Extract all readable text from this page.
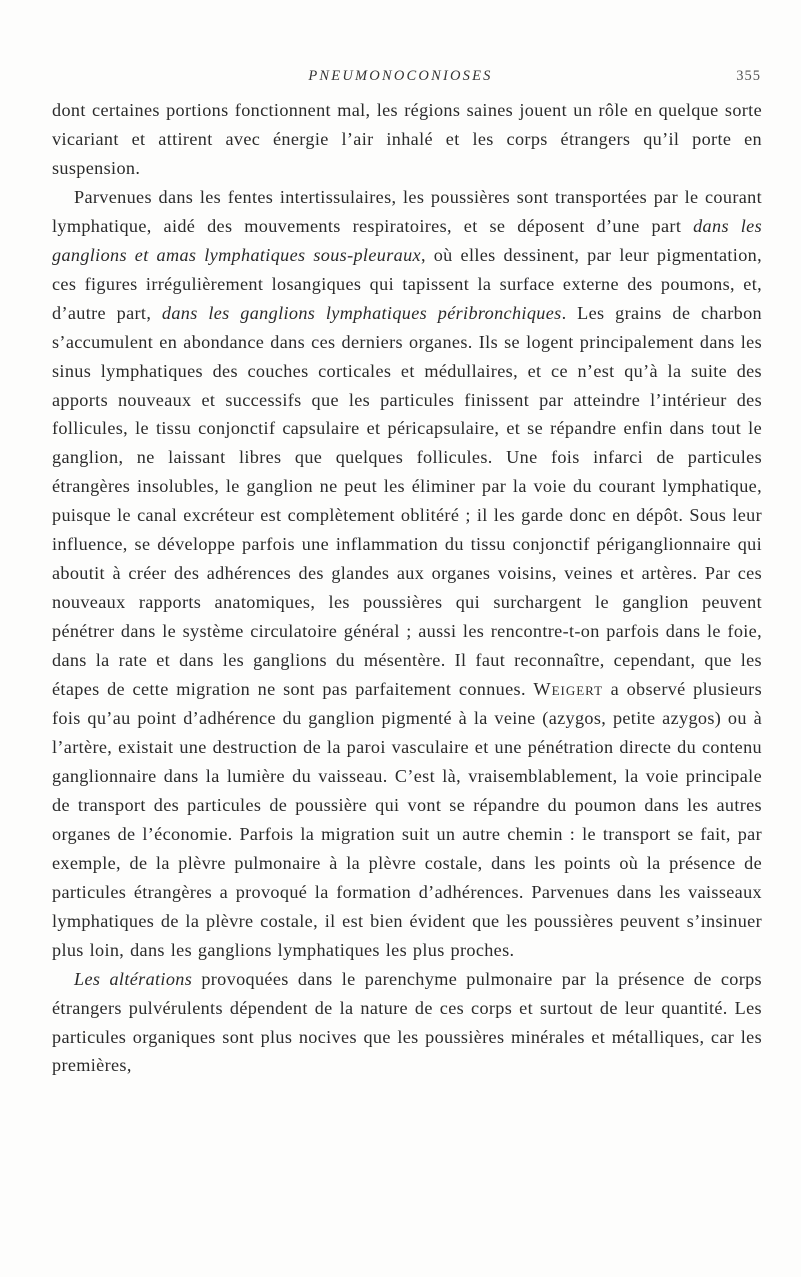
PNEUMONOCONIOSES	355

dont certaines portions fonctionnent mal, les régions saines jouent un rôle en quelque sorte vicariant et attirent avec énergie l’air inhalé et les corps étrangers qu’il porte en suspension.

Parvenues dans les fentes intertissulaires, les poussières sont transportées par le courant lymphatique, aidé des mouvements respiratoires, et se déposent d’une part dans les ganglions et amas lymphatiques sous-pleuraux, où elles dessinent, par leur pigmentation, ces figures irrégulièrement losangiques qui tapissent la surface externe des poumons, et, d’autre part, dans les ganglions lymphatiques péribronchiques. Les grains de charbon s’accumulent en abondance dans ces derniers organes. Ils se logent principalement dans les sinus lymphatiques des couches corticales et médullaires, et ce n’est qu’à la suite des apports nouveaux et successifs que les particules finissent par atteindre l’intérieur des follicules, le tissu conjonctif capsulaire et péricapsulaire, et se répandre enfin dans tout le ganglion, ne laissant libres que quelques follicules. Une fois infarci de particules étrangères insolubles, le ganglion ne peut les éliminer par la voie du courant lymphatique, puisque le canal excréteur est complètement oblitéré ; il les garde donc en dépôt. Sous leur influence, se développe parfois une inflammation du tissu conjonctif périganglionnaire qui aboutit à créer des adhérences des glandes aux organes voisins, veines et artères. Par ces nouveaux rapports anatomiques, les poussières qui surchargent le ganglion peuvent pénétrer dans le système circulatoire général ; aussi les rencontre-t-on parfois dans le foie, dans la rate et dans les ganglions du mésentère. Il faut reconnaître, cependant, que les étapes de cette migration ne sont pas parfaitement connues. Weigert a observé plusieurs fois qu’au point d’adhérence du ganglion pigmenté à la veine (azygos, petite azygos) ou à l’artère, existait une destruction de la paroi vasculaire et une pénétration directe du contenu ganglionnaire dans la lumière du vaisseau. C’est là, vraisemblablement, la voie principale de transport des particules de poussière qui vont se répandre du poumon dans les autres organes de l’économie. Parfois la migration suit un autre chemin : le transport se fait, par exemple, de la plèvre pulmonaire à la plèvre costale, dans les points où la présence de particules étrangères a provoqué la formation d’adhérences. Parvenues dans les vaisseaux lymphatiques de la plèvre costale, il est bien évident que les poussières peuvent s’insinuer plus loin, dans les ganglions lymphatiques les plus proches.

Les altérations provoquées dans le parenchyme pulmonaire par la présence de corps étrangers pulvérulents dépendent de la nature de ces corps et surtout de leur quantité. Les particules organiques sont plus nocives que les poussières minérales et métalliques, car les premières,
